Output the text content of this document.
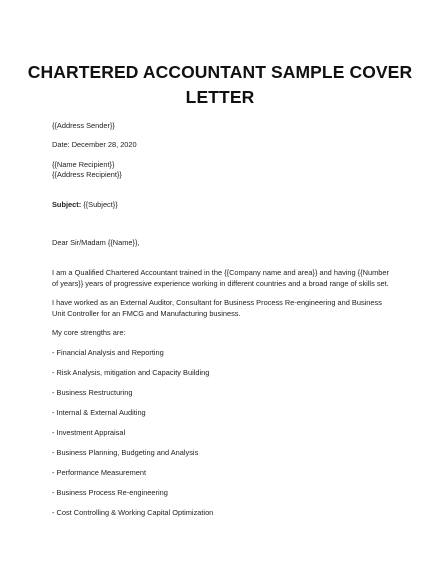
CHARTERED ACCOUNTANT SAMPLE COVER
LETTER
{{Address Sender}}
Date: December 28, 2020
{{Name Recipient}}
{{Address Recipient}}
Subject: {{Subject}}
Dear Sir/Madam {{Name}},
I am a Qualified Chartered Accountant trained in the {{Company name and area}} and having {{Number of years}} years of progressive experience working in different countries and a broad range of skills set.
I have worked as an External Auditor, Consultant for Business Process Re-engineering and Business Unit Controller for an FMCG and Manufacturing business.
My core strengths are:
- Financial Analysis and Reporting
- Risk Analysis, mitigation and Capacity Building
- Business Restructuring
- Internal & External Auditing
- Investment Appraisal
- Business Planning, Budgeting and Analysis
- Performance Measurement
- Business Process Re-engineering
- Cost Controlling & Working Capital Optimization
